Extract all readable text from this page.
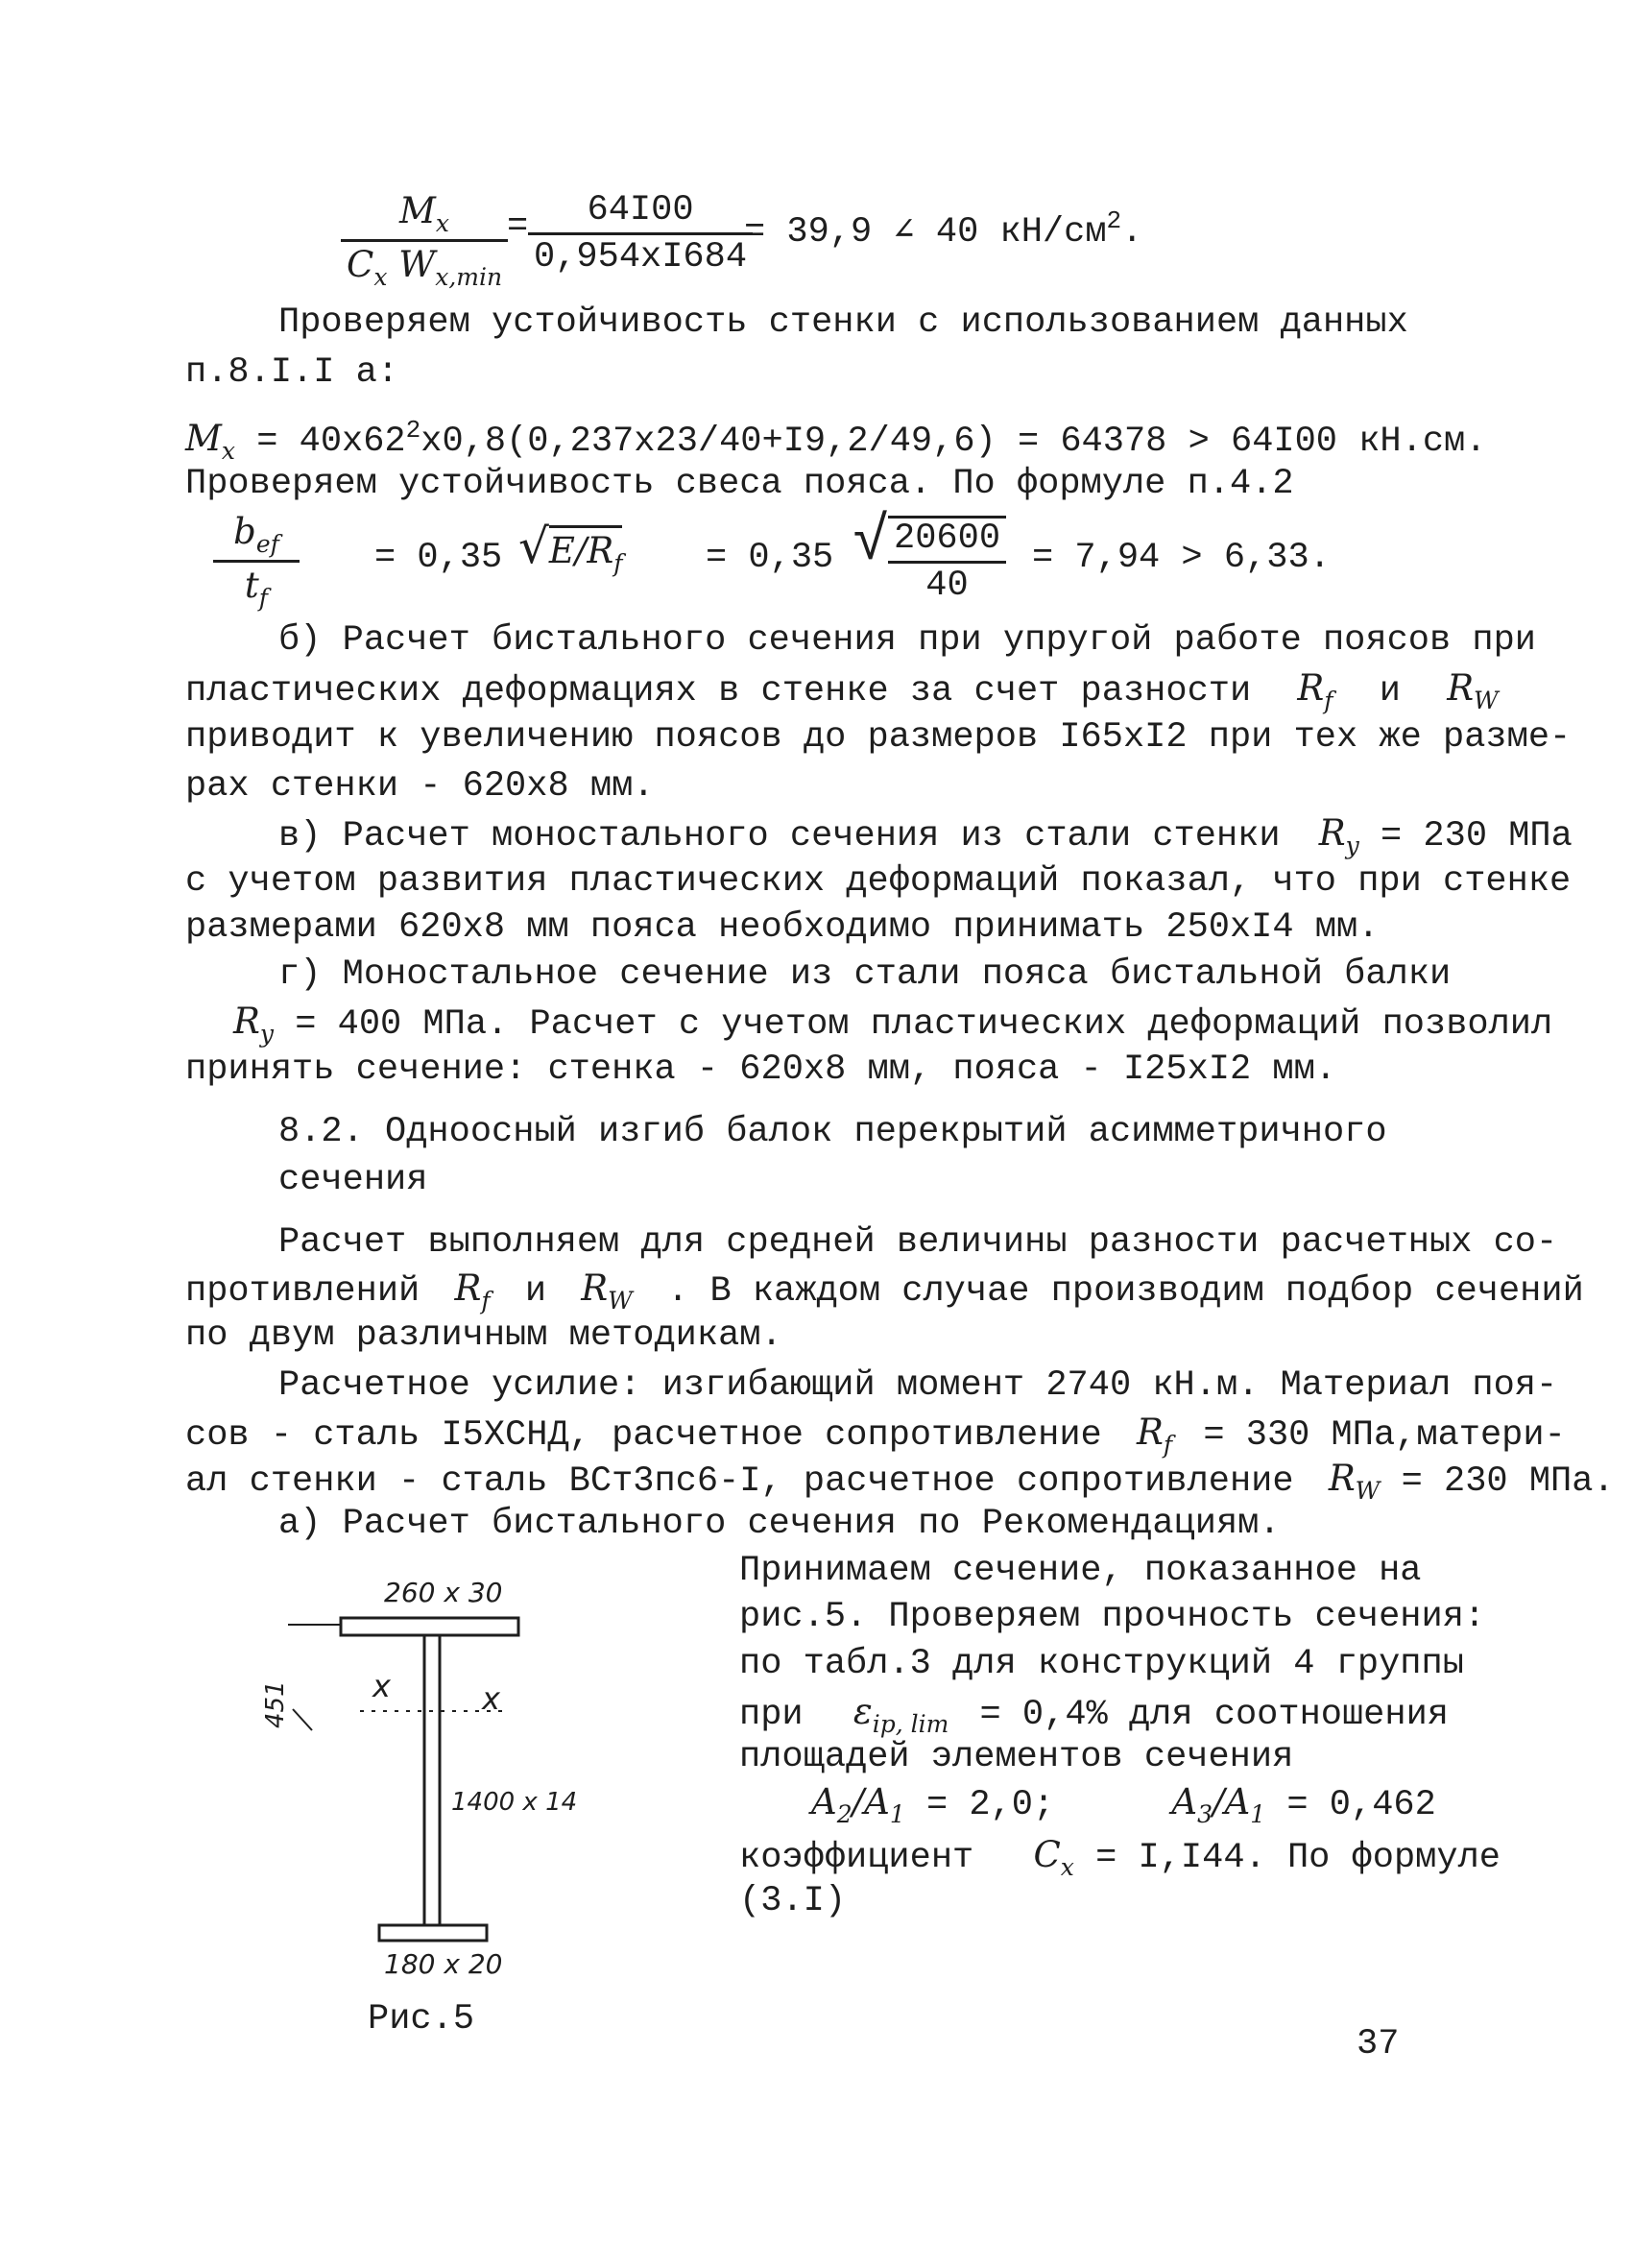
$M_x$
$C_x$ $W_{x,min}$
= $\frac{64I00}{0,954xI684}$
= 39,9 ∠ 40 $кН/см^2$.
Проверяем устойчивость стенки с использованием данных
п.8.I.I а:
$M_x = 40x62^2x0,8(0,237x23/40+I9,2/49,6) = 64378 > 64I00$ кН.см.
Проверяем устойчивость свеса пояса. По формуле п.4.2
$b_{ef}$
$t_f$
= 0,35 $√E/R_f = 0,35$ √
$\frac{20600}{40} = 7,94 > 6,33$.
б) Расчет бистального сечения при упругой работе поясов при
пластических деформациях в стенке за счет разности $R_f$ и $R_W$
приводит к увеличению поясов до размеров I65xI2 при тех же разме-
рах стенки - 620x8 мм.
в) Расчет моностального сечения из стали стенки $R_y = 230$ МПа
с учетом развития пластических деформаций показал, что при стенке
размерами 620x8 мм пояса необходимо принимать 250xI4 мм.
г) Моностальное сечение из стали пояса бистальной балки
$R_y = 400$ МПа. Расчет с учетом пластических деформаций позволил
принять сечение: стенка - 620x8 мм, пояса - I25xI2 мм.
8.2. Одноосный изгиб балок перекрытий асимметричного
сечения
Расчет выполняем для средней величины разности расчетных со-
противлений $R_f$ и $R_W$ . В каждом случае производим подбор сечений
по двум различным методикам.
Расчетное усилие: изгибающий момент 2740 кН.м. Материал поя-
сов - сталь I5XCНД, расчетное сопротивление $R_f = 330$ МПа,матери-
ал стенки - сталь ВСт3пс6-I, расчетное сопротивление $R_W = 230$ МПа.
а) Расчет бистального сечения по Рекомендациям.
Принимаем сечение, показанное на
рис.5. Проверяем прочность сечения:
по табл.3 для конструкций 4 группы
при $\varepsilon_{ip, lim} = 0,4\%$ для соотношения
площадей элементов сечения
$A_2/A_1 = 2,0$;	$A_3/A_1 = 0,462$
коэффициент $C_x = I,I44$. По формуле
(3.I)
260 x 30
x	x
451
1400 x 14
180 x 20
Рис.5
37
